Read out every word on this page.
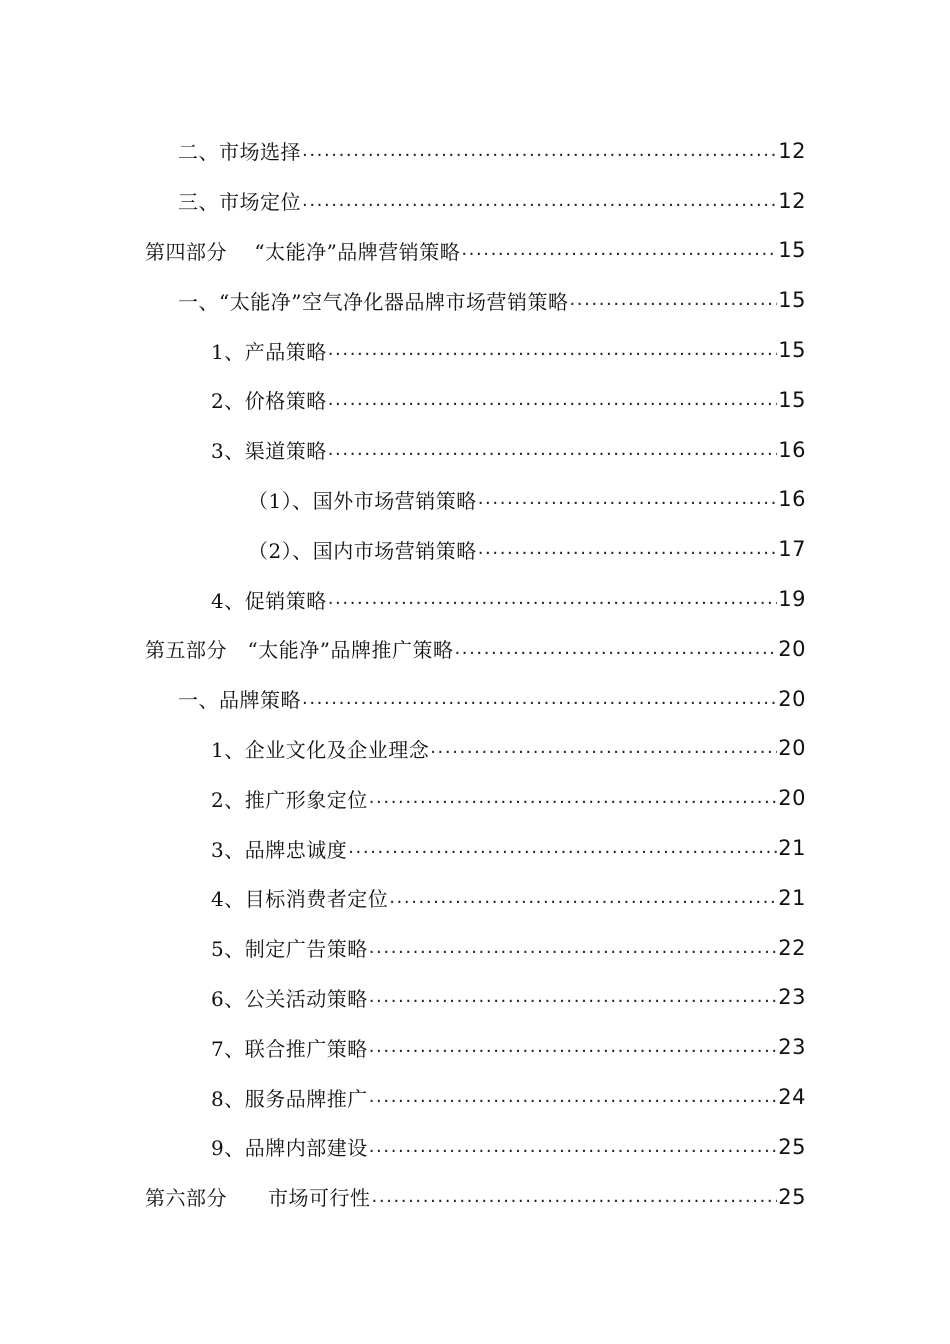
二、市场选择 .....	12
三、市场定位 .....	12
第四部分　 “太能净”品牌营销策略 .....	15
一、“太能净”空气净化器品牌市场营销策略 .....	15
1、产品策略 .....	15
2、价格策略 .....	15
3、渠道策略 .....	16
（1）、国外市场营销策略 .....	16
（2）、国内市场营销策略 .....	17
4、促销策略 .....	19
第五部分　“太能净”品牌推广策略 .....	20
一、品牌策略 .....	20
1、企业文化及企业理念 .....	20
2、推广形象定位 .....	20
3、品牌忠诚度 .....	21
4、目标消费者定位 .....	21
5、制定广告策略 .....	22
6、公关活动策略 .....	23
7、联合推广策略 .....	23
8、服务品牌推广 .....	24
9、品牌内部建设 .....	25
第六部分　　市场可行性 .....	25
